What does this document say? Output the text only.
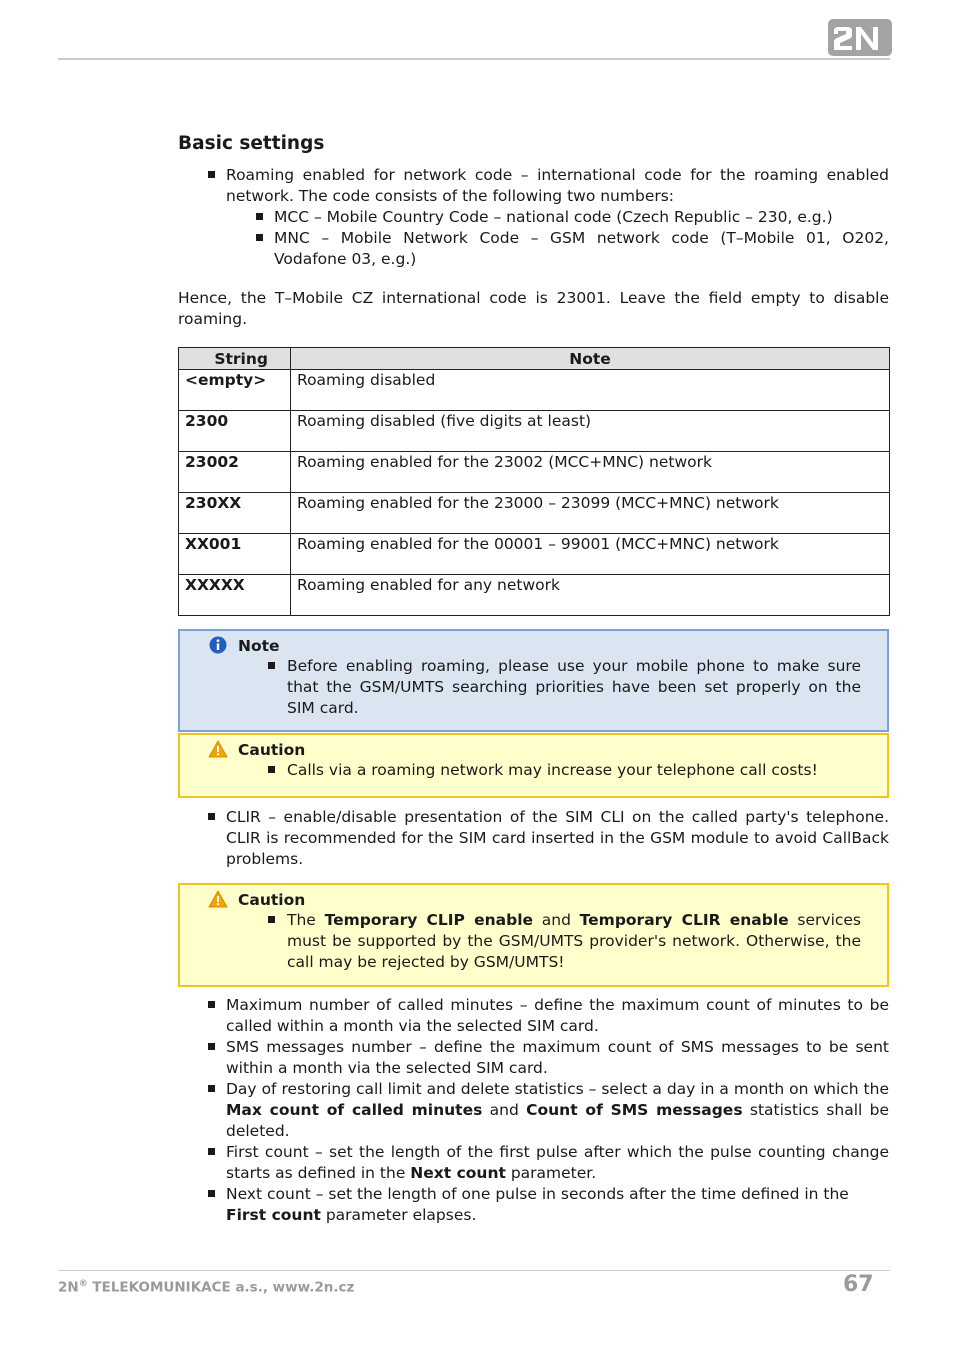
Basic settings
Roaming enabled for network code – international code for the roaming enabled network. The code consists of the following two numbers:
MCC – Mobile Country Code – national code (Czech Republic – 230, e.g.)
MNC – Mobile Network Code – GSM network code (T–Mobile 01, O202, Vodafone 03, e.g.)

Hence, the T–Mobile CZ international code is 23001. Leave the field empty to disable roaming.

String	Note
<empty>	Roaming disabled
2300	Roaming disabled (five digits at least)
23002	Roaming enabled for the 23002 (MCC+MNC) network
230XX	Roaming enabled for the 23000 – 23099 (MCC+MNC) network
XX001	Roaming enabled for the 00001 – 99001 (MCC+MNC) network
XXXXX	Roaming enabled for any network
Note
Before enabling roaming, please use your mobile phone to make sure that the GSM/UMTS searching priorities have been set properly on the SIM card.
Caution
Calls via a roaming network may increase your telephone call costs!
CLIR – enable/disable presentation of the SIM CLI on the called party's telephone. CLIR is recommended for the SIM card inserted in the GSM module to avoid CallBack problems.
Caution
The Temporary CLIP enable and Temporary CLIR enable services must be supported by the GSM/UMTS provider's network. Otherwise, the call may be rejected by GSM/UMTS!
Maximum number of called minutes – define the maximum count of minutes to be called within a month via the selected SIM card.
SMS messages number – define the maximum count of SMS messages to be sent within a month via the selected SIM card.
Day of restoring call limit and delete statistics – select a day in a month on which the Max count of called minutes and Count of SMS messages statistics shall be deleted.
First count – set the length of the first pulse after which the pulse counting change starts as defined in the Next count parameter.
Next count – set the length of one pulse in seconds after the time defined in the First count parameter elapses.
2N® TELEKOMUNIKACE a.s., www.2n.cz	67
